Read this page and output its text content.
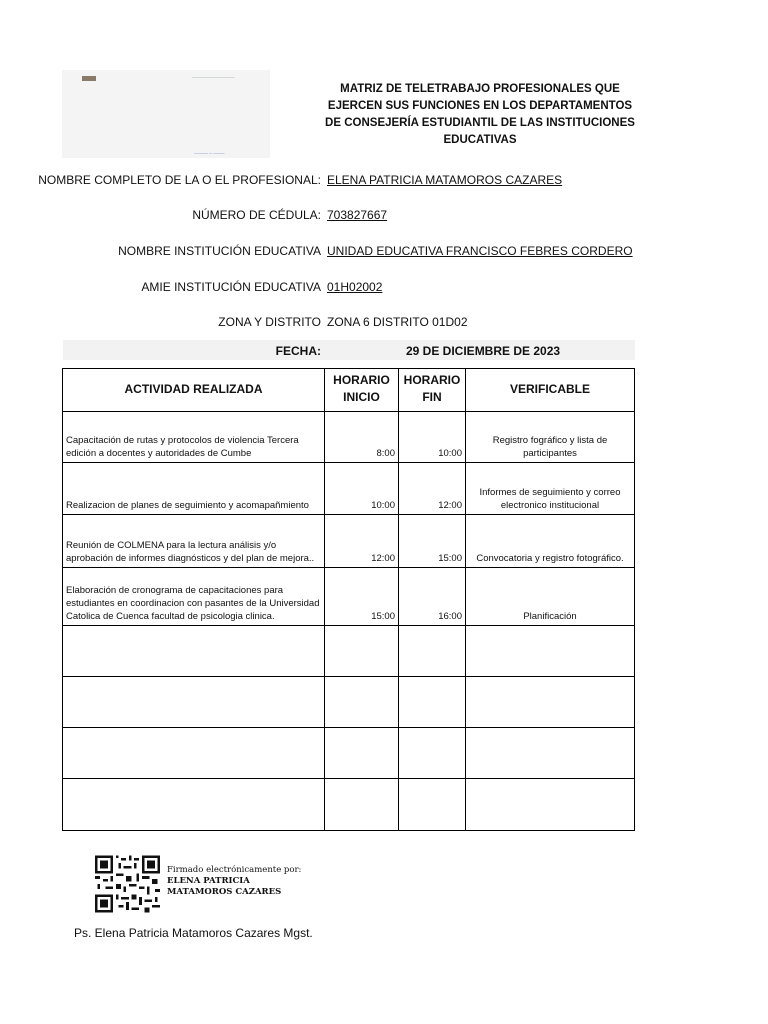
────────────
───── ─ ────
MATRIZ DE TELETRABAJO PROFESIONALES QUE EJERCEN SUS FUNCIONES EN LOS DEPARTAMENTOS DE CONSEJERÍA ESTUDIANTIL DE LAS INSTITUCIONES EDUCATIVAS
NOMBRE COMPLETO DE LA O EL PROFESIONAL: ELENA PATRICIA MATAMOROS CAZARES
NÚMERO DE CÉDULA: 703827667
NOMBRE INSTITUCIÓN EDUCATIVA UNIDAD EDUCATIVA FRANCISCO FEBRES CORDERO
AMIE INSTITUCIÓN EDUCATIVA 01H02002
ZONA Y DISTRITO ZONA 6 DISTRITO 01D02
FECHA:	29 DE DICIEMBRE DE 2023
ACTIVIDAD REALIZADA	HORARIO INICIO	HORARIO FIN	VERIFICABLE
Capacitación de rutas y protocolos de violencia Tercera edición a docentes y autoridades de Cumbe	8:00	10:00	Registro fográfico y lista de participantes
Realizacion de planes de seguimiento y acomapañmiento	10:00	12:00	Informes de seguimiento y correo electronico institucional
Reunión de COLMENA para la lectura análisis y/o aprobación de informes diagnósticos y del plan de mejora..	12:00	15:00	Convocatoria y registro fotográfico.
Elaboración de cronograma de capacitaciones para estudiantes en coordinacion con pasantes de la Universidad Catolica de Cuenca facultad de psicologia clinica.	15:00	16:00	Planificación

Firmado electrónicamente por:
ELENA PATRICIA
MATAMOROS CAZARES
Ps. Elena Patricia Matamoros Cazares Mgst.
